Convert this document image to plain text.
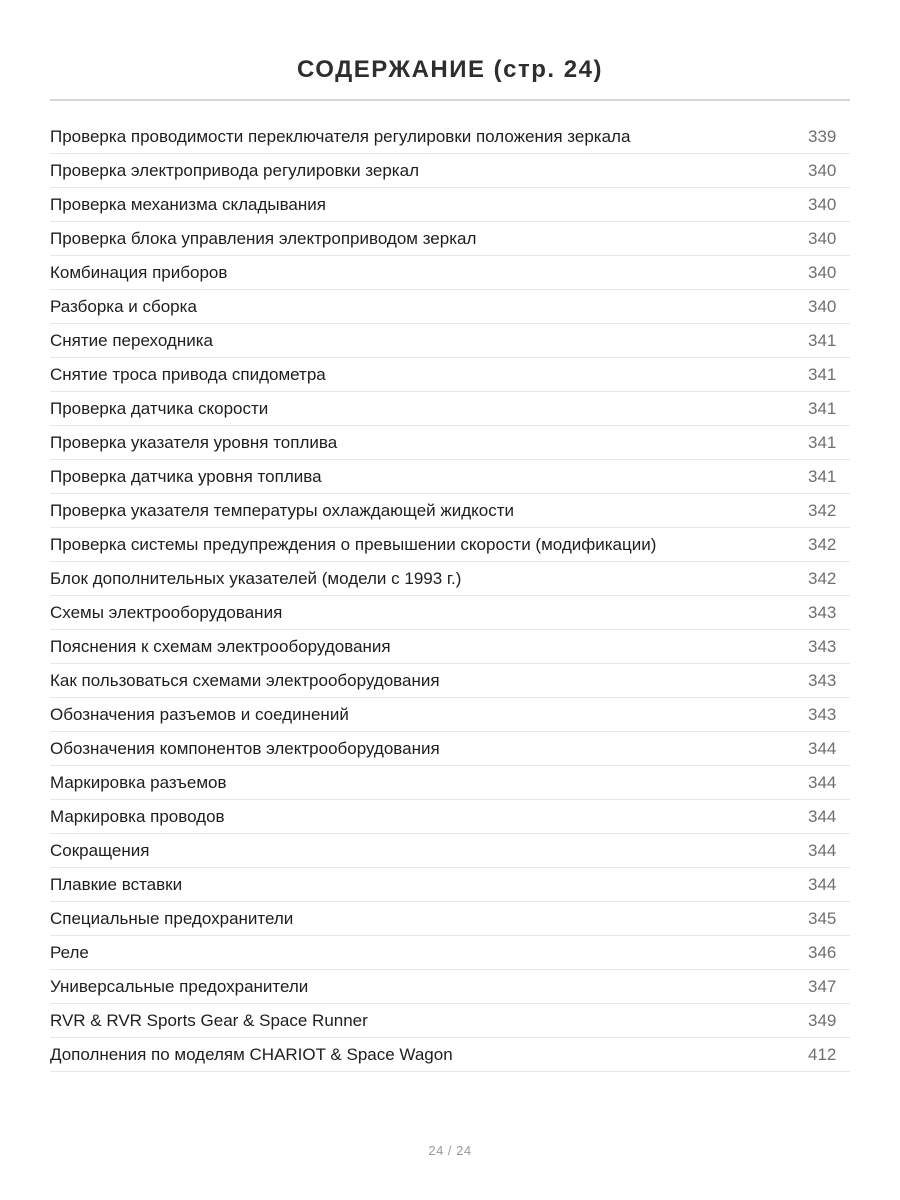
СОДЕРЖАНИЕ (стр. 24)
Проверка проводимости переключателя регулировки положения зеркала	339
Проверка электропривода регулировки зеркал	340
Проверка механизма складывания	340
Проверка блока управления электроприводом зеркал	340
Комбинация приборов	340
Разборка и сборка	340
Снятие переходника	341
Снятие троса привода спидометра	341
Проверка датчика скорости	341
Проверка указателя уровня топлива	341
Проверка датчика уровня топлива	341
Проверка указателя температуры охлаждающей жидкости	342
Проверка системы предупреждения о превышении скорости (модификации)	342
Блок дополнительных указателей (модели с 1993 г.)	342
Схемы электрооборудования	343
Пояснения к схемам электрооборудования	343
Как пользоваться схемами электрооборудования	343
Обозначения разъемов и соединений	343
Обозначения компонентов электрооборудования	344
Маркировка разъемов	344
Маркировка проводов	344
Сокращения	344
Плавкие вставки	344
Специальные предохранители	345
Реле	346
Универсальные предохранители	347
RVR & RVR Sports Gear & Space Runner	349
Дополнения по моделям CHARIOT & Space Wagon	412
24 / 24
